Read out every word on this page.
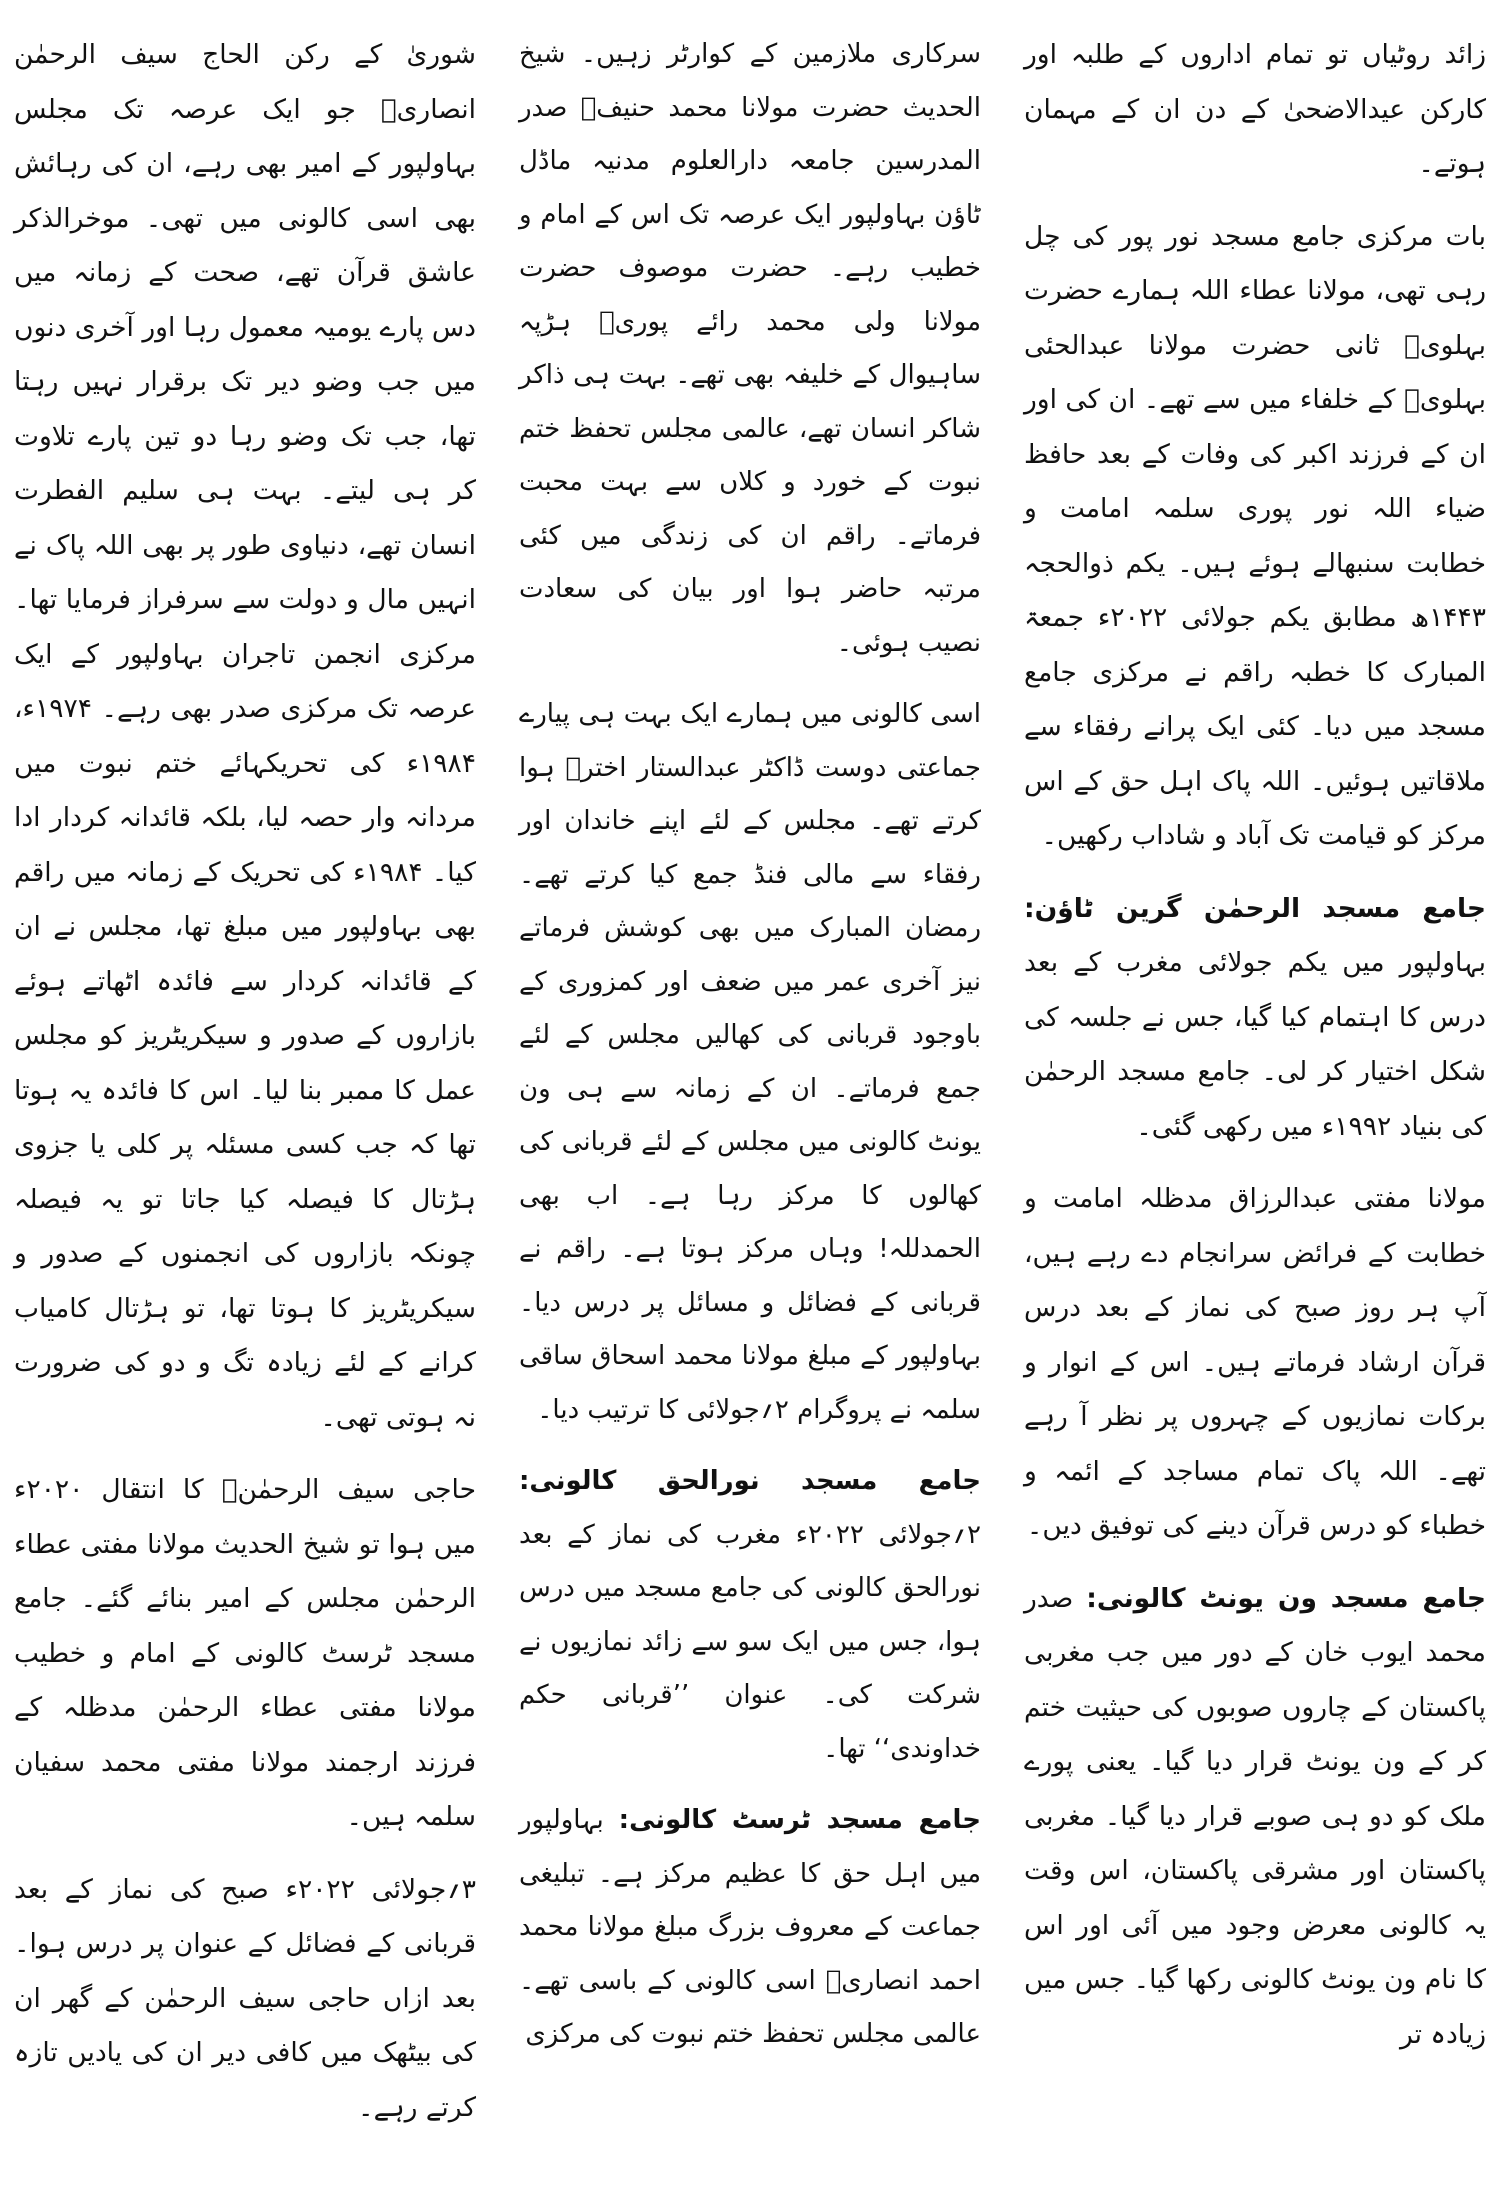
زائد روٹیاں تو تمام اداروں کے طلبہ اور کارکن عیدالاضحیٰ کے دن ان کے مہمان ہوتے۔

بات مرکزی جامع مسجد نور پور کی چل رہی تھی، مولانا عطاء اللہ ہمارے حضرت بہلویؒ ثانی حضرت مولانا عبدالحئی بہلویؒ کے خلفاء میں سے تھے۔ ان کی اور ان کے فرزند اکبر کی وفات کے بعد حافظ ضیاء اللہ نور پوری سلمہ امامت و خطابت سنبھالے ہوئے ہیں۔ یکم ذوالحجہ ۱۴۴۳ھ مطابق یکم جولائی ۲۰۲۲ء جمعۃ المبارک کا خطبہ راقم نے مرکزی جامع مسجد میں دیا۔ کئی ایک پرانے رفقاء سے ملاقاتیں ہوئیں۔ اللہ پاک اہل حق کے اس مرکز کو قیامت تک آباد و شاداب رکھیں۔

جامع مسجد الرحمٰن گرین ٹاؤن: بہاولپور میں یکم جولائی مغرب کے بعد درس کا اہتمام کیا گیا، جس نے جلسہ کی شکل اختیار کر لی۔ جامع مسجد الرحمٰن کی بنیاد ۱۹۹۲ء میں رکھی گئی۔

مولانا مفتی عبدالرزاق مدظلہ امامت و خطابت کے فرائض سرانجام دے رہے ہیں، آپ ہر روز صبح کی نماز کے بعد درس قرآن ارشاد فرماتے ہیں۔ اس کے انوار و برکات نمازیوں کے چہروں پر نظر آ رہے تھے۔ اللہ پاک تمام مساجد کے ائمہ و خطباء کو درس قرآن دینے کی توفیق دیں۔

جامع مسجد ون یونٹ کالونی: صدر محمد ایوب خان کے دور میں جب مغربی پاکستان کے چاروں صوبوں کی حیثیت ختم کر کے ون یونٹ قرار دیا گیا۔ یعنی پورے ملک کو دو ہی صوبے قرار دیا گیا۔ مغربی پاکستان اور مشرقی پاکستان، اس وقت یہ کالونی معرض وجود میں آئی اور اس کا نام ون یونٹ کالونی رکھا گیا۔ جس میں زیادہ تر

سرکاری ملازمین کے کوارٹر زہیں۔ شیخ الحدیث حضرت مولانا محمد حنیفؒ صدر المدرسین جامعہ دارالعلوم مدنیہ ماڈل ٹاؤن بہاولپور ایک عرصہ تک اس کے امام و خطیب رہے۔ حضرت موصوف حضرت مولانا ولی محمد رائے پوریؒ ہڑپہ ساہیوال کے خلیفہ بھی تھے۔ بہت ہی ذاکر شاکر انسان تھے، عالمی مجلس تحفظ ختم نبوت کے خورد و کلاں سے بہت محبت فرماتے۔ راقم ان کی زندگی میں کئی مرتبہ حاضر ہوا اور بیان کی سعادت نصیب ہوئی۔

اسی کالونی میں ہمارے ایک بہت ہی پیارے جماعتی دوست ڈاکٹر عبدالستار اخترؒ ہوا کرتے تھے۔ مجلس کے لئے اپنے خاندان اور رفقاء سے مالی فنڈ جمع کیا کرتے تھے۔ رمضان المبارک میں بھی کوشش فرماتے نیز آخری عمر میں ضعف اور کمزوری کے باوجود قربانی کی کھالیں مجلس کے لئے جمع فرماتے۔ ان کے زمانہ سے ہی ون یونٹ کالونی میں مجلس کے لئے قربانی کی کھالوں کا مرکز رہا ہے۔ اب بھی الحمدللہ! وہاں مرکز ہوتا ہے۔ راقم نے قربانی کے فضائل و مسائل پر درس دیا۔ بہاولپور کے مبلغ مولانا محمد اسحاق ساقی سلمہ نے پروگرام ۲؍جولائی کا ترتیب دیا۔

جامع مسجد نورالحق کالونی: ۲؍جولائی ۲۰۲۲ء مغرب کی نماز کے بعد نورالحق کالونی کی جامع مسجد میں درس ہوا، جس میں ایک سو سے زائد نمازیوں نے شرکت کی۔ عنوان ’’قربانی حکم خداوندی‘‘ تھا۔

جامع مسجد ٹرسٹ کالونی: بہاولپور میں اہل حق کا عظیم مرکز ہے۔ تبلیغی جماعت کے معروف بزرگ مبلغ مولانا محمد احمد انصاریؒ اسی کالونی کے باسی تھے۔ عالمی مجلس تحفظ ختم نبوت کی مرکزی

شوریٰ کے رکن الحاج سیف الرحمٰن انصاریؒ جو ایک عرصہ تک مجلس بہاولپور کے امیر بھی رہے، ان کی رہائش بھی اسی کالونی میں تھی۔ موخرالذکر عاشق قرآن تھے، صحت کے زمانہ میں دس پارے یومیہ معمول رہا اور آخری دنوں میں جب وضو دیر تک برقرار نہیں رہتا تھا، جب تک وضو رہا دو تین پارے تلاوت کر ہی لیتے۔ بہت ہی سلیم الفطرت انسان تھے، دنیاوی طور پر بھی اللہ پاک نے انہیں مال و دولت سے سرفراز فرمایا تھا۔ مرکزی انجمن تاجران بہاولپور کے ایک عرصہ تک مرکزی صدر بھی رہے۔ ۱۹۷۴ء، ۱۹۸۴ء کی تحریکہائے ختم نبوت میں مردانہ وار حصہ لیا، بلکہ قائدانہ کردار ادا کیا۔ ۱۹۸۴ء کی تحریک کے زمانہ میں راقم بھی بہاولپور میں مبلغ تھا، مجلس نے ان کے قائدانہ کردار سے فائدہ اٹھاتے ہوئے بازاروں کے صدور و سیکریٹریز کو مجلس عمل کا ممبر بنا لیا۔ اس کا فائدہ یہ ہوتا تھا کہ جب کسی مسئلہ پر کلی یا جزوی ہڑتال کا فیصلہ کیا جاتا تو یہ فیصلہ چونکہ بازاروں کی انجمنوں کے صدور و سیکریٹریز کا ہوتا تھا، تو ہڑتال کامیاب کرانے کے لئے زیادہ تگ و دو کی ضرورت نہ ہوتی تھی۔

حاجی سیف الرحمٰنؒ کا انتقال ۲۰۲۰ء میں ہوا تو شیخ الحدیث مولانا مفتی عطاء الرحمٰن مجلس کے امیر بنائے گئے۔ جامع مسجد ٹرسٹ کالونی کے امام و خطیب مولانا مفتی عطاء الرحمٰن مدظلہ کے فرزند ارجمند مولانا مفتی محمد سفیان سلمہ ہیں۔

۳؍جولائی ۲۰۲۲ء صبح کی نماز کے بعد قربانی کے فضائل کے عنوان پر درس ہوا۔ بعد ازاں حاجی سیف الرحمٰن کے گھر ان کی بیٹھک میں کافی دیر ان کی یادیں تازہ کرتے رہے۔
